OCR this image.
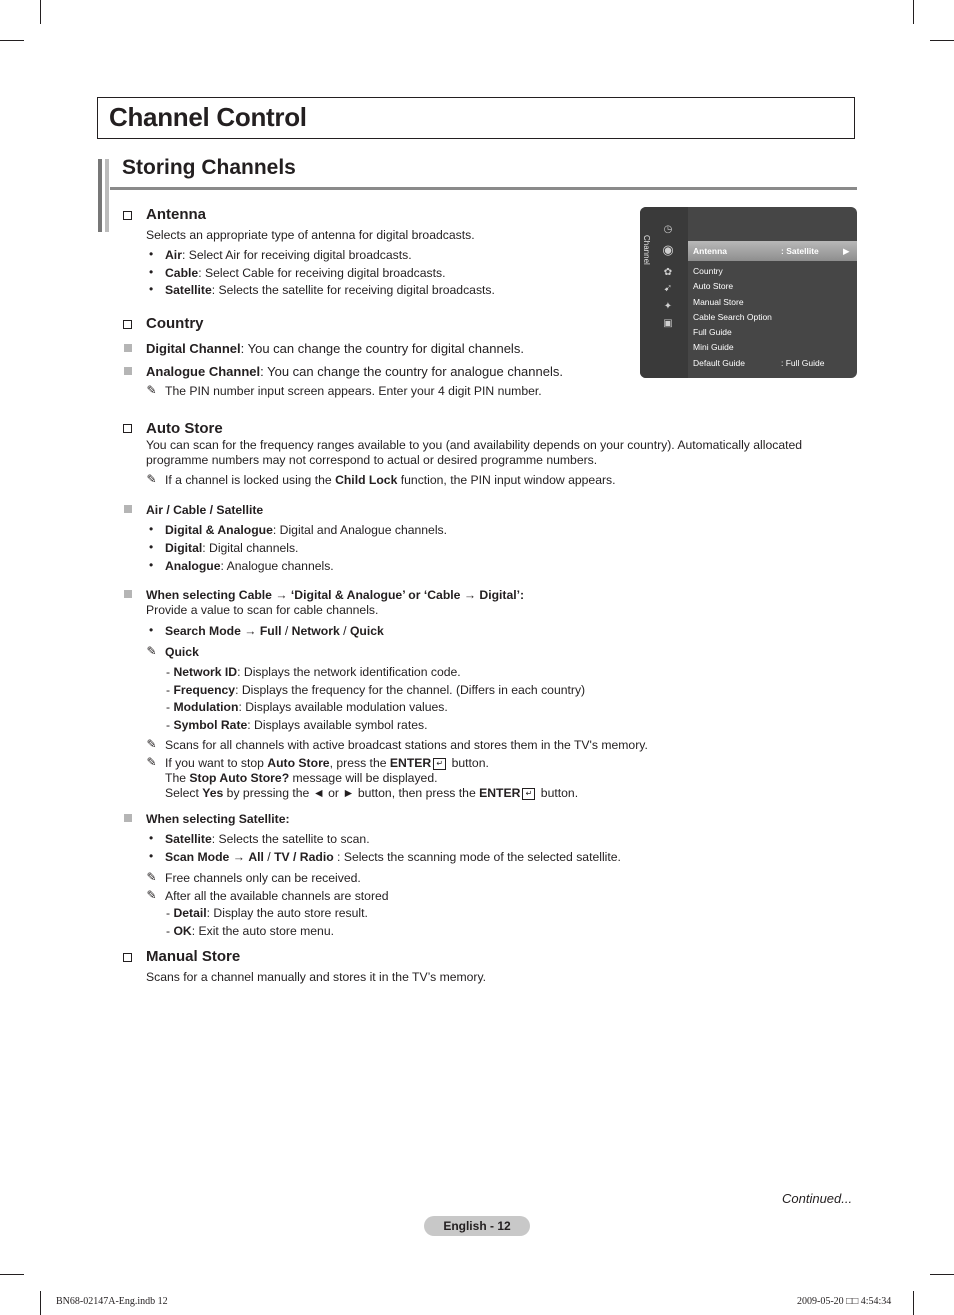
Channel Control
Storing Channels
Antenna
Selects an appropriate type of antenna for digital broadcasts.
• Air: Select Air for receiving digital broadcasts.
• Cable: Select Cable for receiving digital broadcasts.
• Satellite: Selects the satellite for receiving digital broadcasts.
Country
Digital Channel: You can change the country for digital channels.
Analogue Channel: You can change the country for analogue channels.
✎ The PIN number input screen appears. Enter your 4 digit PIN number.
Channel
◷
◉
✿
➹
✦
▣
Antenna	: Satellite	▶
Country
Auto Store
Manual Store
Cable Search Option
Full Guide
Mini Guide
Default Guide	: Full Guide
Auto Store
You can scan for the frequency ranges available to you (and availability depends on your country). Automatically allocated
programme numbers may not correspond to actual or desired programme numbers.
✎ If a channel is locked using the Child Lock function, the PIN input window appears.
Air / Cable / Satellite
• Digital & Analogue: Digital and Analogue channels.
• Digital: Digital channels.
• Analogue: Analogue channels.
When selecting Cable → ‘Digital & Analogue’ or ‘Cable → Digital’:
Provide a value to scan for cable channels.
• Search Mode → Full / Network / Quick
✎ Quick
- Network ID: Displays the network identification code.
- Frequency: Displays the frequency for the channel. (Differs in each country)
- Modulation: Displays available modulation values.
- Symbol Rate: Displays available symbol rates.
✎ Scans for all channels with active broadcast stations and stores them in the TV's memory.
✎ If you want to stop Auto Store, press the ENTER ↵ button.
The Stop Auto Store? message will be displayed.
Select Yes by pressing the ◄ or ► button, then press the ENTER ↵ button.
When selecting Satellite:
• Satellite: Selects the satellite to scan.
• Scan Mode → All / TV / Radio : Selects the scanning mode of the selected satellite.
✎ Free channels only can be received.
✎ After all the available channels are stored
- Detail: Display the auto store result.
- OK: Exit the auto store menu.
Manual Store
Scans for a channel manually and stores it in the TV’s memory.
Continued...
English - 12
BN68-02147A-Eng.indb 12	2009-05-20 □□ 4:54:34
